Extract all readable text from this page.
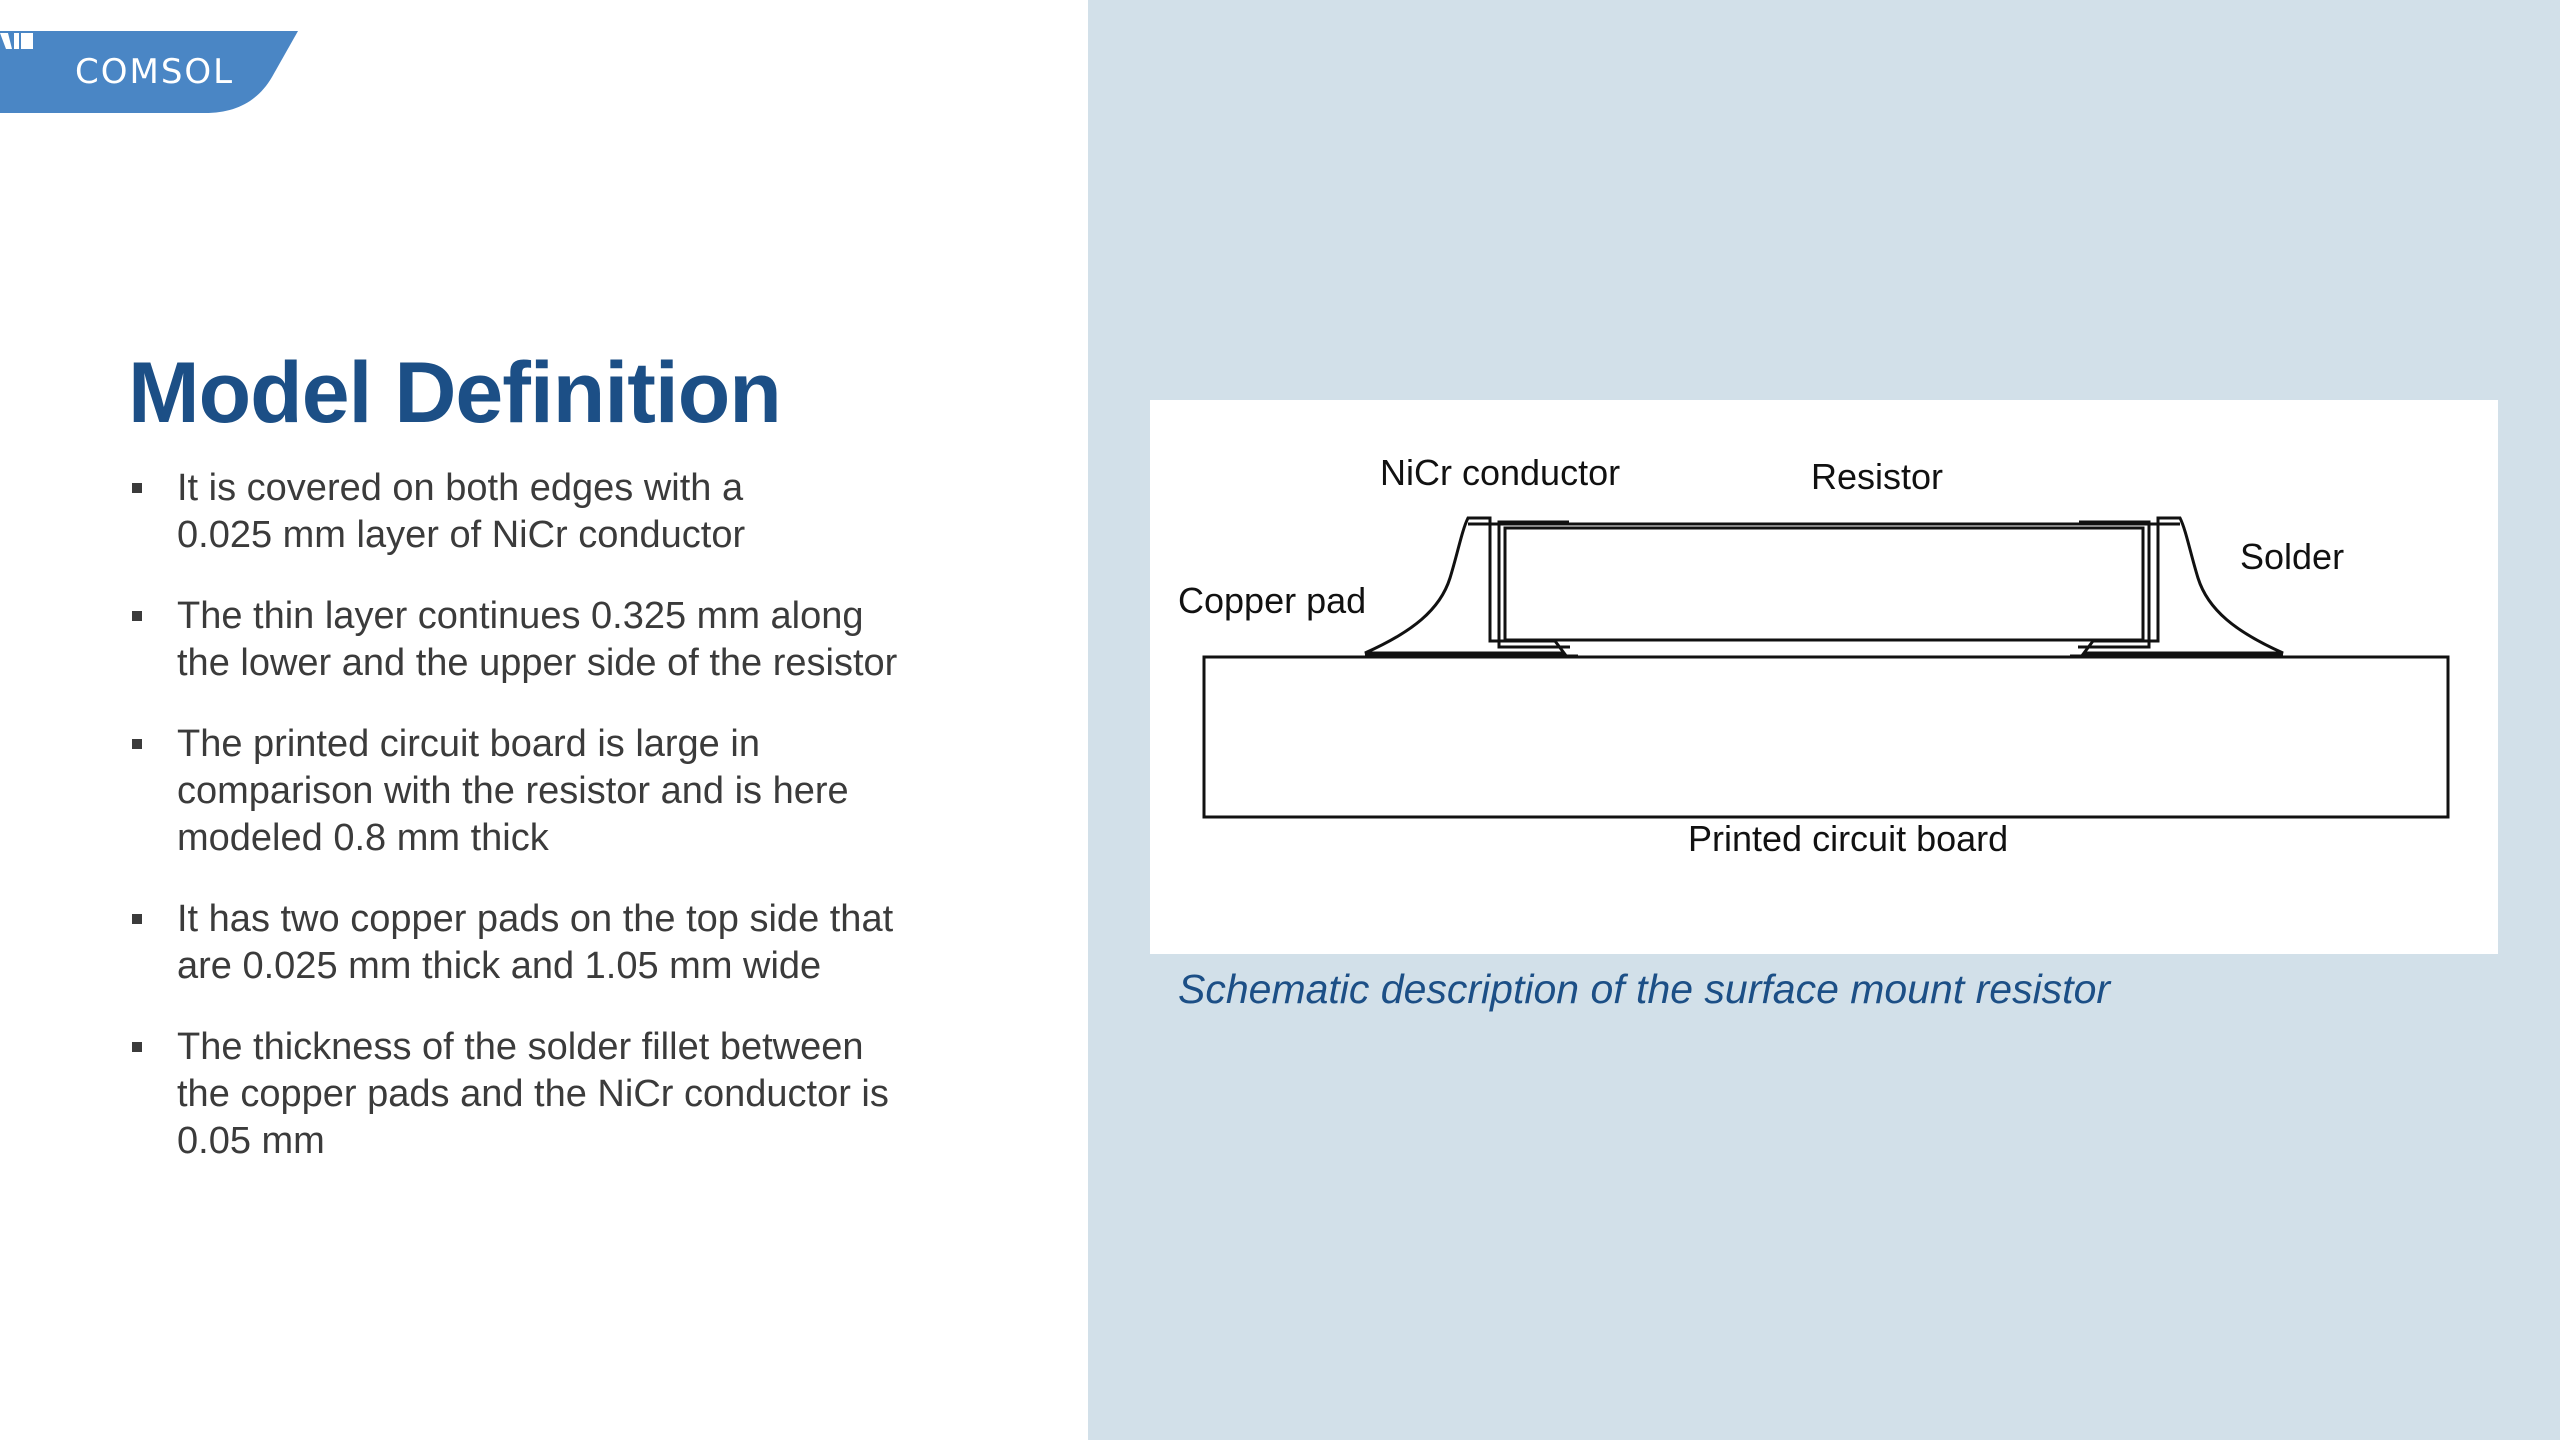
COMSOL
Model Definition
It is covered on both edges with a
0.025 mm layer of NiCr conductor
The thin layer continues 0.325 mm along
the lower and the upper side of the resistor
The printed circuit board is large in
comparison with the resistor and is here
modeled 0.8 mm thick
It has two copper pads on the top side that
are 0.025 mm thick and 1.05 mm wide
The thickness of the solder fillet between
the copper pads and the NiCr conductor is
0.05 mm
NiCr conductor	Resistor
Solder
Copper pad
Printed circuit board
Schematic description of the surface mount resistor
